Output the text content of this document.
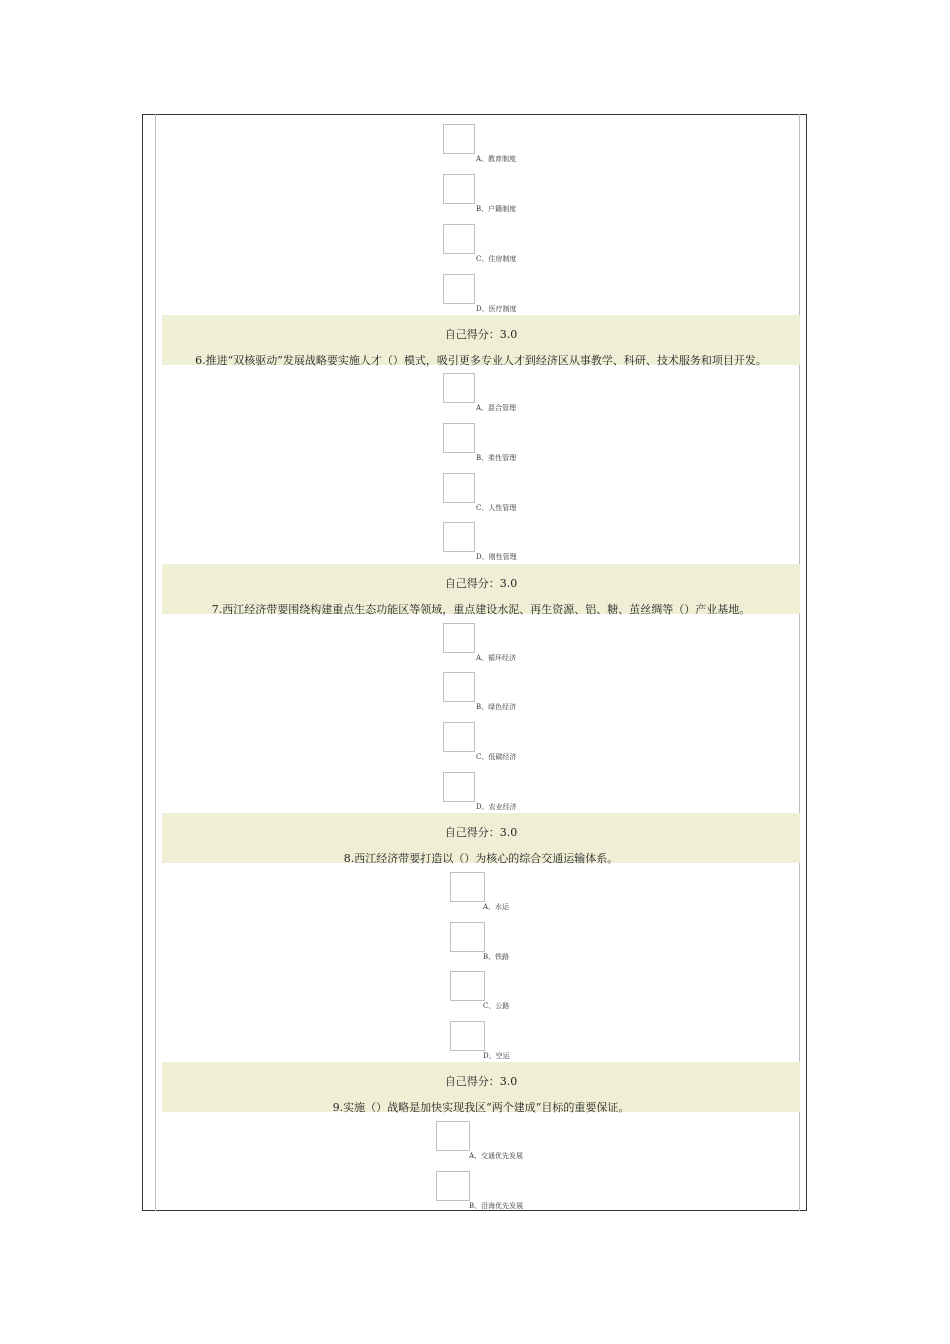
A、教育制度
B、户籍制度
C、住房制度
D、医疗制度
自己得分：3.0
6.推进“双核驱动”发展战略要实施人才（）模式，吸引更多专业人才到经济区从事教学、科研、技术服务和项目开发。
A、混合管理
B、柔性管理
C、人性管理
D、刚性管理
自己得分：3.0
7.西江经济带要围绕构建重点生态功能区等领域，重点建设水泥、再生资源、铝、糖、茧丝绸等（）产业基地。
A、循环经济
B、绿色经济
C、低碳经济
D、农业经济
自己得分：3.0
8.西江经济带要打造以（）为核心的综合交通运输体系。
A、水运
B、铁路
C、公路
D、空运
自己得分：3.0
9.实施（）战略是加快实现我区“两个建成”目标的重要保证。
A、交通优先发展
B、沿海优先发展
